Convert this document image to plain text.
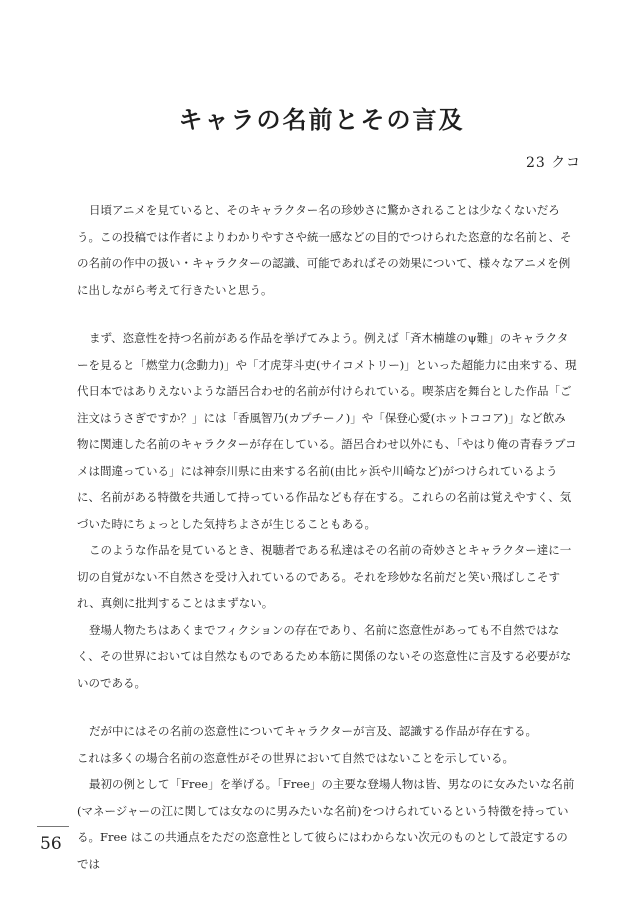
キャラの名前とその言及
23 クコ

日頃アニメを見ていると、そのキャラクター名の珍妙さに驚かされることは少なくないだろう。この投稿では作者によりわかりやすさや統一感などの目的でつけられた恣意的な名前と、その名前の作中の扱い・キャラクターの認識、可能であればその効果について、様々なアニメを例に出しながら考えて行きたいと思う。

まず、恣意性を持つ名前がある作品を挙げてみよう。例えば「斉木楠雄のψ難」のキャラクターを見ると「燃堂力(念動力)」や「才虎芽斗吏(サイコメトリー)」といった超能力に由来する、現代日本ではありえないような語呂合わせ的名前が付けられている。喫茶店を舞台とした作品「ご注文はうさぎですか？」には「香風智乃(カプチーノ)」や「保登心愛(ホットココア)」など飲み物に関連した名前のキャラクターが存在している。語呂合わせ以外にも、「やはり俺の青春ラブコメは間違っている」には神奈川県に由来する名前(由比ヶ浜や川崎など)がつけられているように、名前がある特徴を共通して持っている作品なども存在する。これらの名前は覚えやすく、気づいた時にちょっとした気持ちよさが生じることもある。

このような作品を見ているとき、視聴者である私達はその名前の奇妙さとキャラクター達に一切の自覚がない不自然さを受け入れているのである。それを珍妙な名前だと笑い飛ばしこそすれ、真剣に批判することはまずない。

登場人物たちはあくまでフィクションの存在であり、名前に恣意性があっても不自然ではなく、その世界においては自然なものであるため本筋に関係のないその恣意性に言及する必要がないのである。

だが中にはその名前の恣意性についてキャラクターが言及、認識する作品が存在する。

これは多くの場合名前の恣意性がその世界において自然ではないことを示している。

最初の例として「Free」を挙げる。「Free」の主要な登場人物は皆、男なのに女みたいな名前(マネージャーの江に関しては女なのに男みたいな名前)をつけられているという特徴を持っている。Free はこの共通点をただの恣意性として彼らにはわからない次元のものとして設定するのでは

56
